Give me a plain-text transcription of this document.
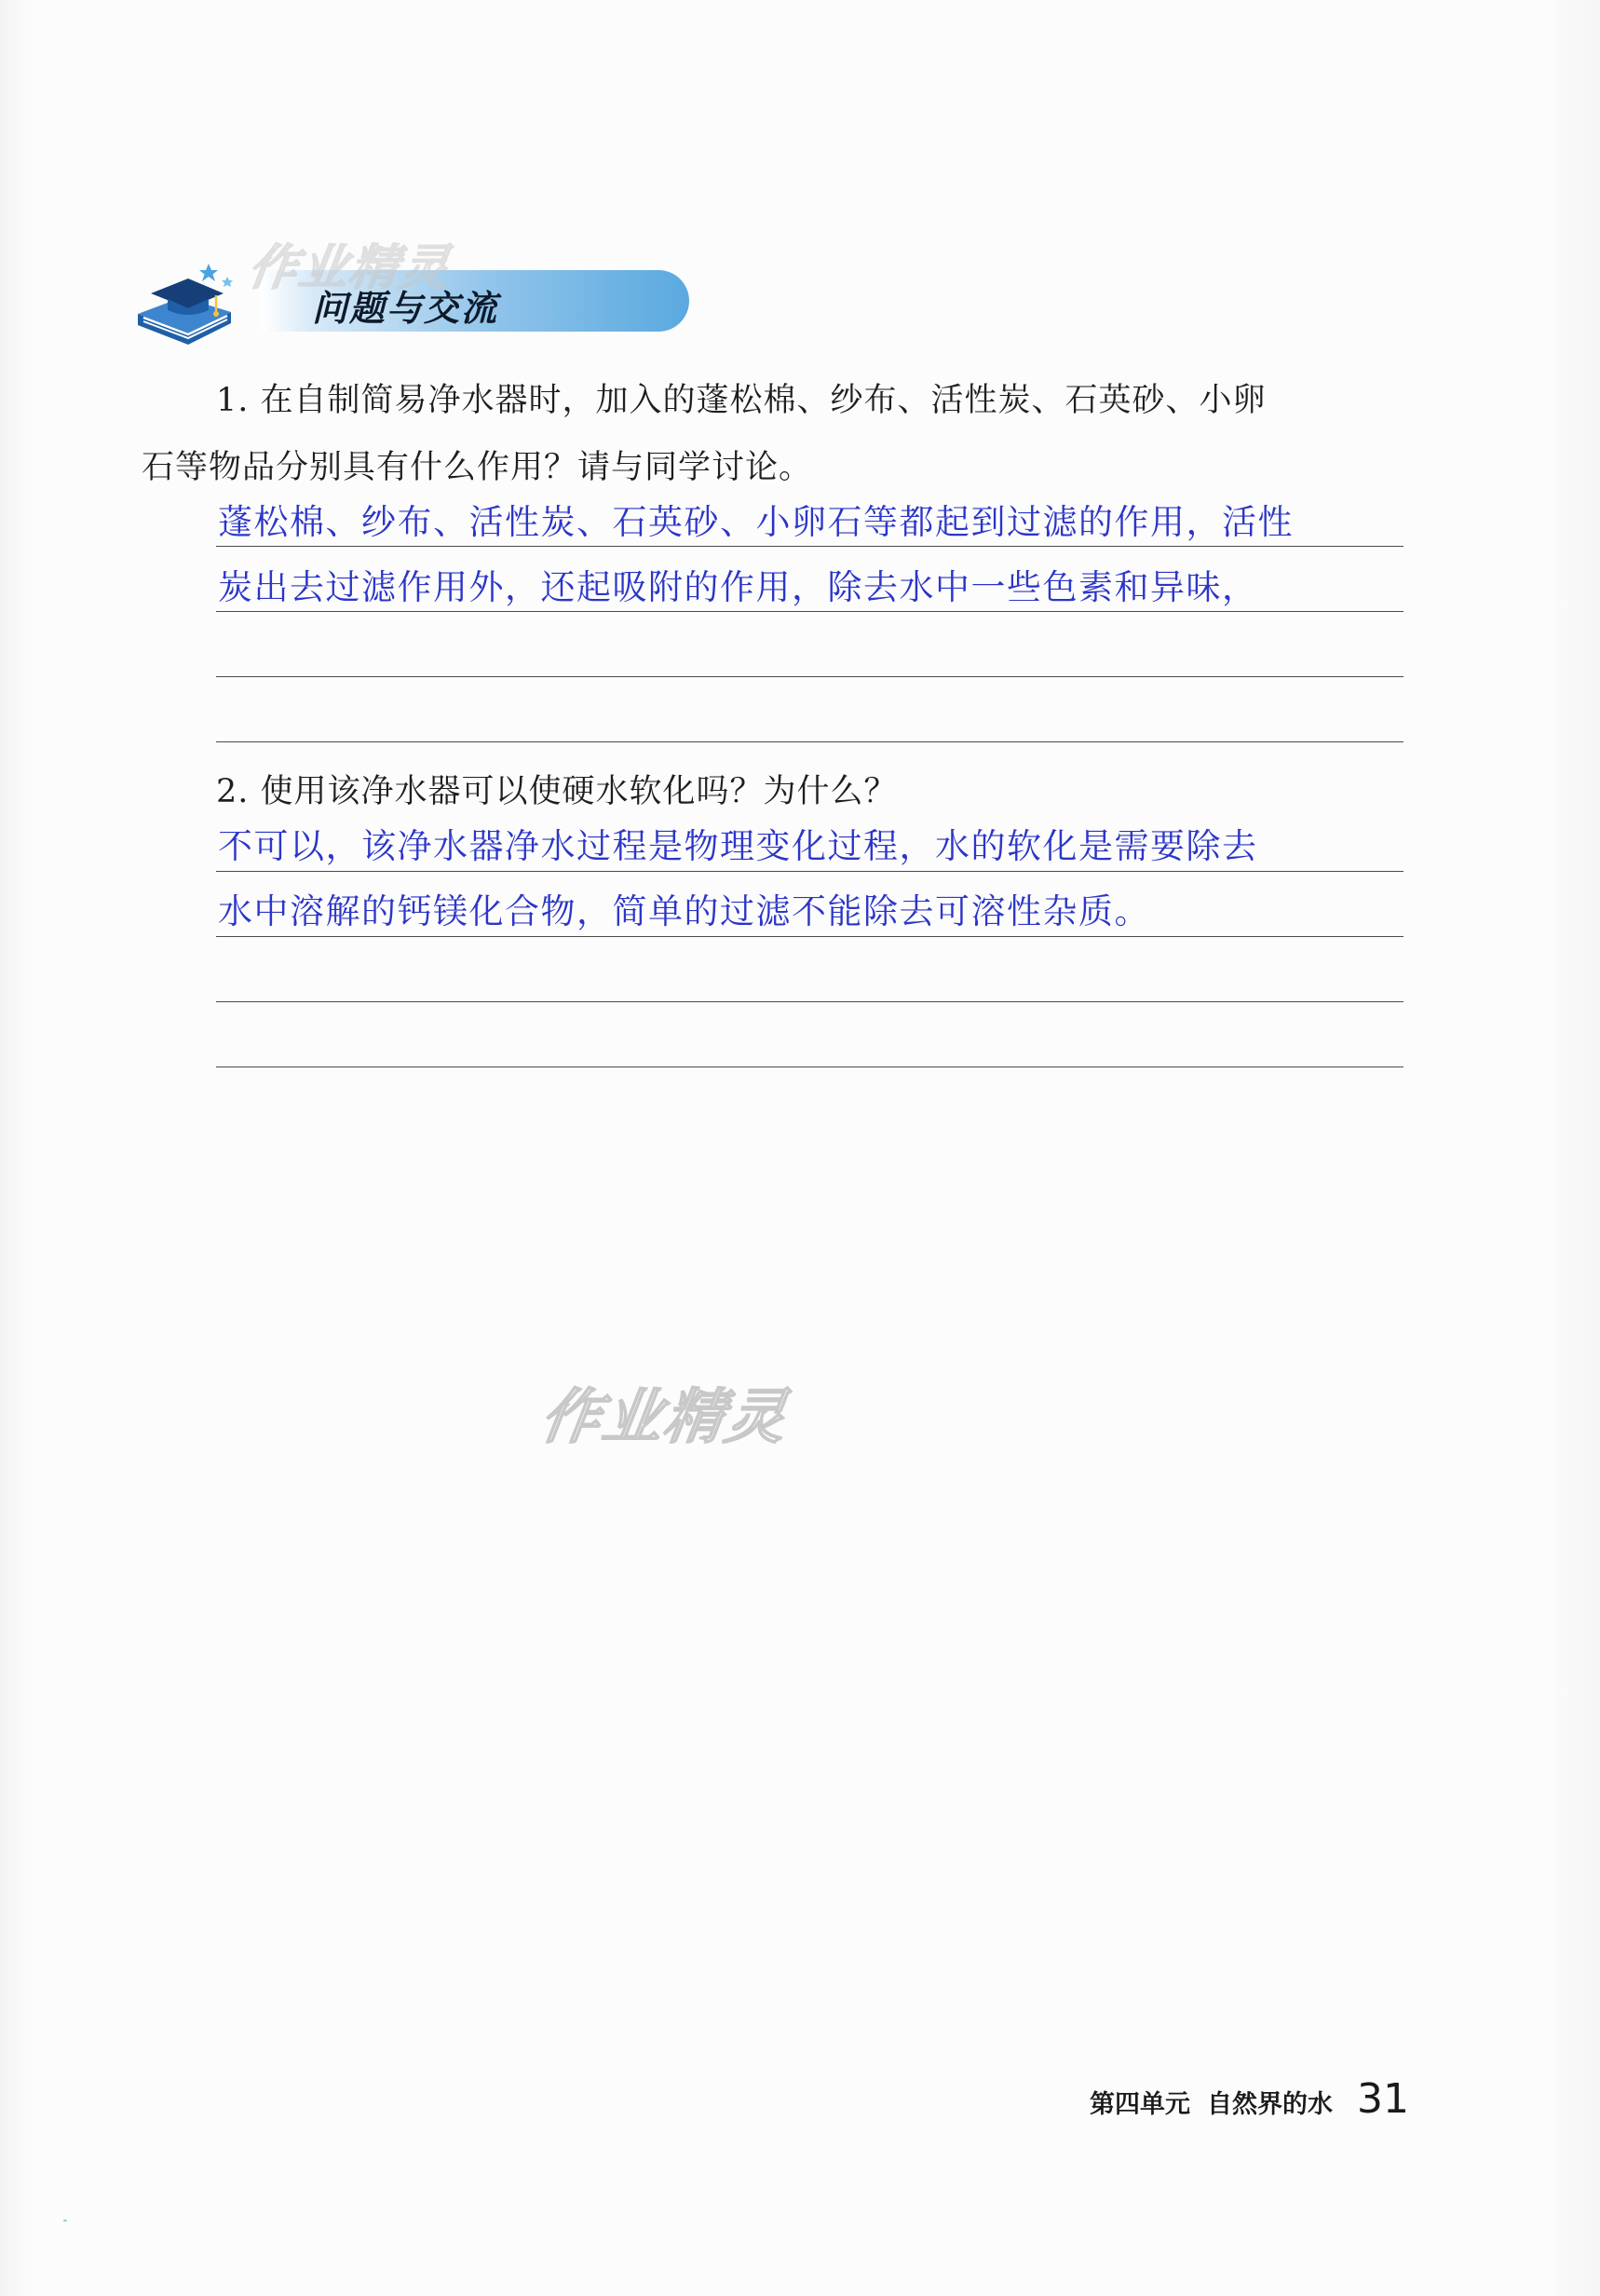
问题与交流
作业精灵
作业精灵
1. 在自制简易净水器时，加入的蓬松棉、纱布、活性炭、石英砂、小卵
石等物品分别具有什么作用？请与同学讨论。
蓬松棉、纱布、活性炭、石英砂、小卵石等都起到过滤的作用，活性
炭出去过滤作用外，还起吸附的作用，除去水中一些色素和异味，
2. 使用该净水器可以使硬水软化吗？为什么？
不可以，该净水器净水过程是物理变化过程，水的软化是需要除去
水中溶解的钙镁化合物，简单的过滤不能除去可溶性杂质。
第四单元 自然界的水 31
